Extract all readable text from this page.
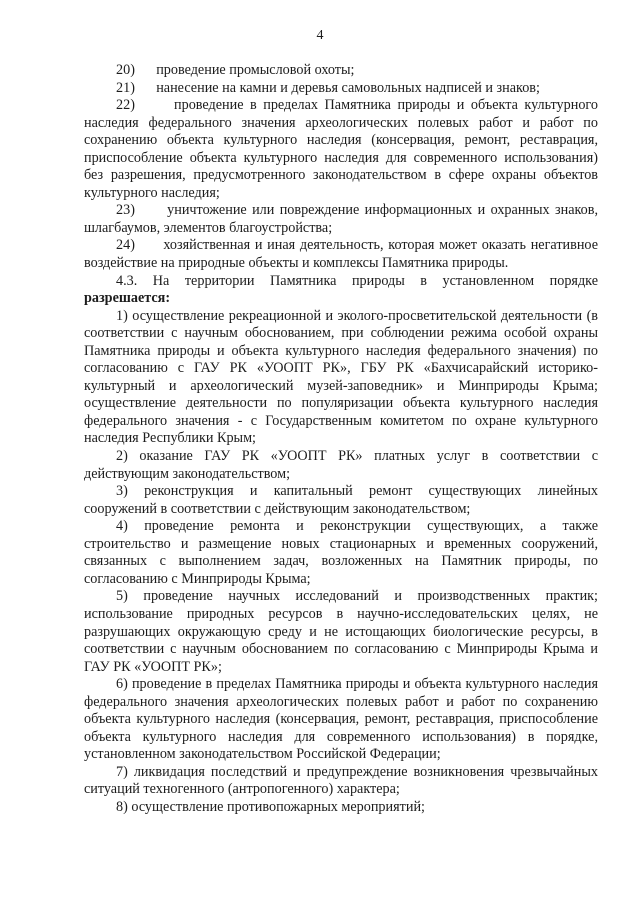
4

20) проведение промысловой охоты;

21) нанесение на камни и деревья самовольных надписей и знаков;

22)	проведение в пределах Памятника природы и объекта культурного наследия федерального значения археологических полевых работ и работ по сохранению объекта культурного наследия (консервация, ремонт, реставрация, приспособление объекта культурного наследия для современного использования) без разрешения, предусмотренного законодательством в сфере охраны объектов культурного наследия;

23) уничтожение или повреждение информационных и охранных знаков, шлагбаумов, элементов благоустройства;

24) хозяйственная и иная деятельность, которая может оказать негативное воздействие на природные объекты и комплексы Памятника природы.

4.3. На территории Памятника природы в установленном порядке разрешается:

1) осуществление рекреационной и эколого-просветительской деятельности (в соответствии с научным обоснованием, при соблюдении режима особой охраны Памятника природы и объекта культурного наследия федерального значения) по согласованию с ГАУ РК «УООПТ РК», ГБУ РК «Бахчисарайский историко-культурный и археологический музей-заповедник» и Минприроды Крыма; осуществление деятельности по популяризации объекта культурного наследия федерального значения - с Государственным комитетом по охране культурного наследия Республики Крым;

2) оказание ГАУ РК «УООПТ РК» платных услуг в соответствии с действующим законодательством;

3) реконструкция и капитальный ремонт существующих линейных сооружений в соответствии с действующим законодательством;

4) проведение ремонта и реконструкции существующих, а также строительство и размещение новых стационарных и временных сооружений, связанных с выполнением задач, возложенных на Памятник природы, по согласованию с Минприроды Крыма;

5) проведение научных исследований и производственных практик; использование природных ресурсов в научно-исследовательских целях, не разрушающих окружающую среду и не истощающих биологические ресурсы, в соответствии с научным обоснованием по согласованию с Минприроды Крыма и ГАУ РК «УООПТ РК»;

6) проведение в пределах Памятника природы и объекта культурного наследия федерального значения археологических полевых работ и работ по сохранению объекта культурного наследия (консервация, ремонт, реставрация, приспособление объекта культурного наследия для современного использования) в порядке, установленном законодательством Российской Федерации;

7) ликвидация последствий и предупреждение возникновения чрезвычайных ситуаций техногенного (антропогенного) характера;

8) осуществление противопожарных мероприятий;
